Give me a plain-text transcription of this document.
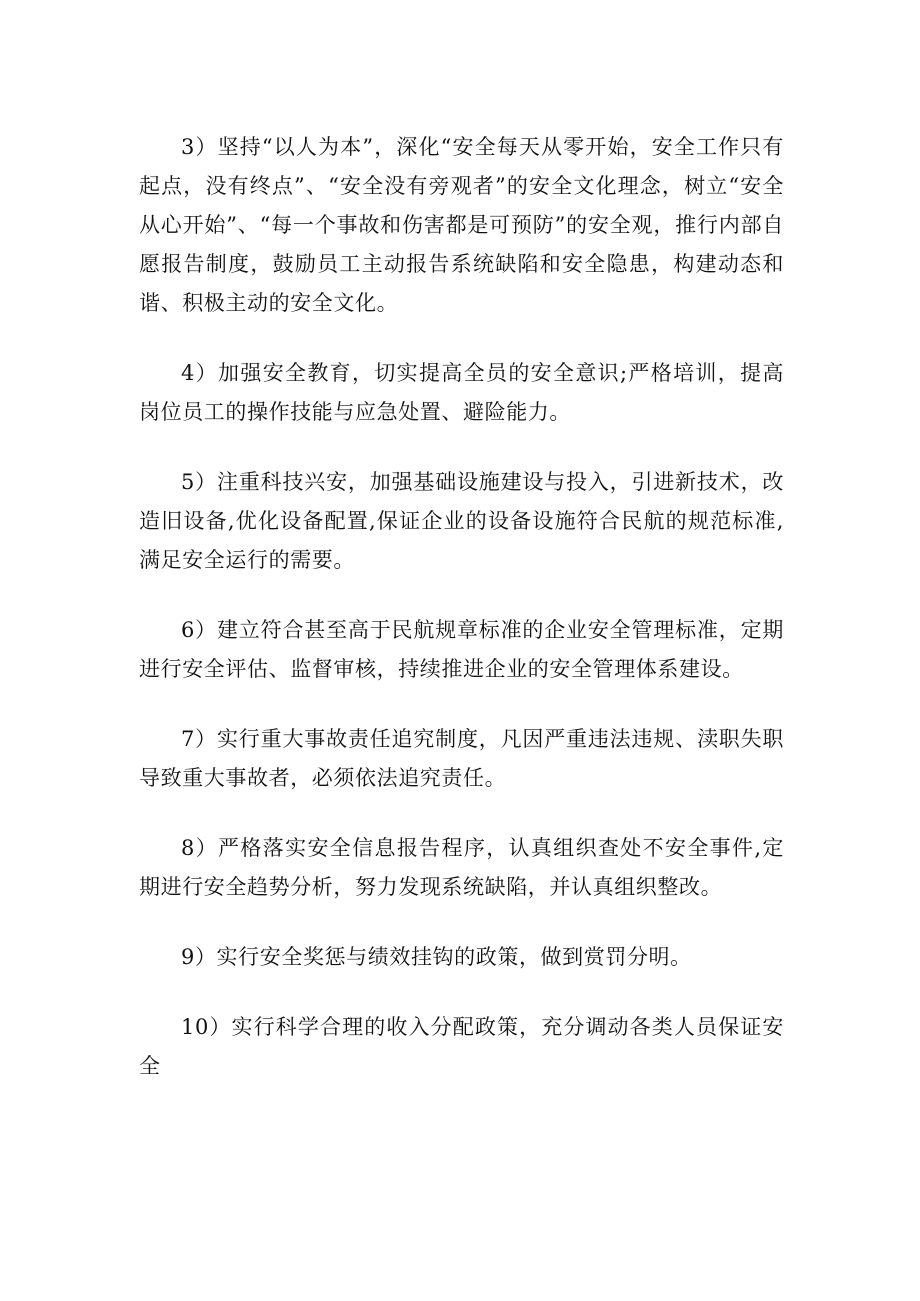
3）坚持“以人为本”，深化“安全每天从零开始，安全工作只有起点，没有终点”、“安全没有旁观者”的安全文化理念，树立“安全从心开始”、“每一个事故和伤害都是可预防”的安全观，推行内部自愿报告制度，鼓励员工主动报告系统缺陷和安全隐患，构建动态和谐、积极主动的安全文化。

4）加强安全教育，切实提高全员的安全意识;严格培训，提高岗位员工的操作技能与应急处置、避险能力。

5）注重科技兴安，加强基础设施建设与投入，引进新技术，改造旧设备,优化设备配置,保证企业的设备设施符合民航的规范标准,满足安全运行的需要。

6）建立符合甚至高于民航规章标准的企业安全管理标准，定期进行安全评估、监督审核，持续推进企业的安全管理体系建设。

7）实行重大事故责任追究制度，凡因严重违法违规、渎职失职导致重大事故者，必须依法追究责任。

8）严格落实安全信息报告程序，认真组织查处不安全事件,定期进行安全趋势分析，努力发现系统缺陷，并认真组织整改。

9）实行安全奖惩与绩效挂钩的政策，做到赏罚分明。

10）实行科学合理的收入分配政策，充分调动各类人员保证安全
